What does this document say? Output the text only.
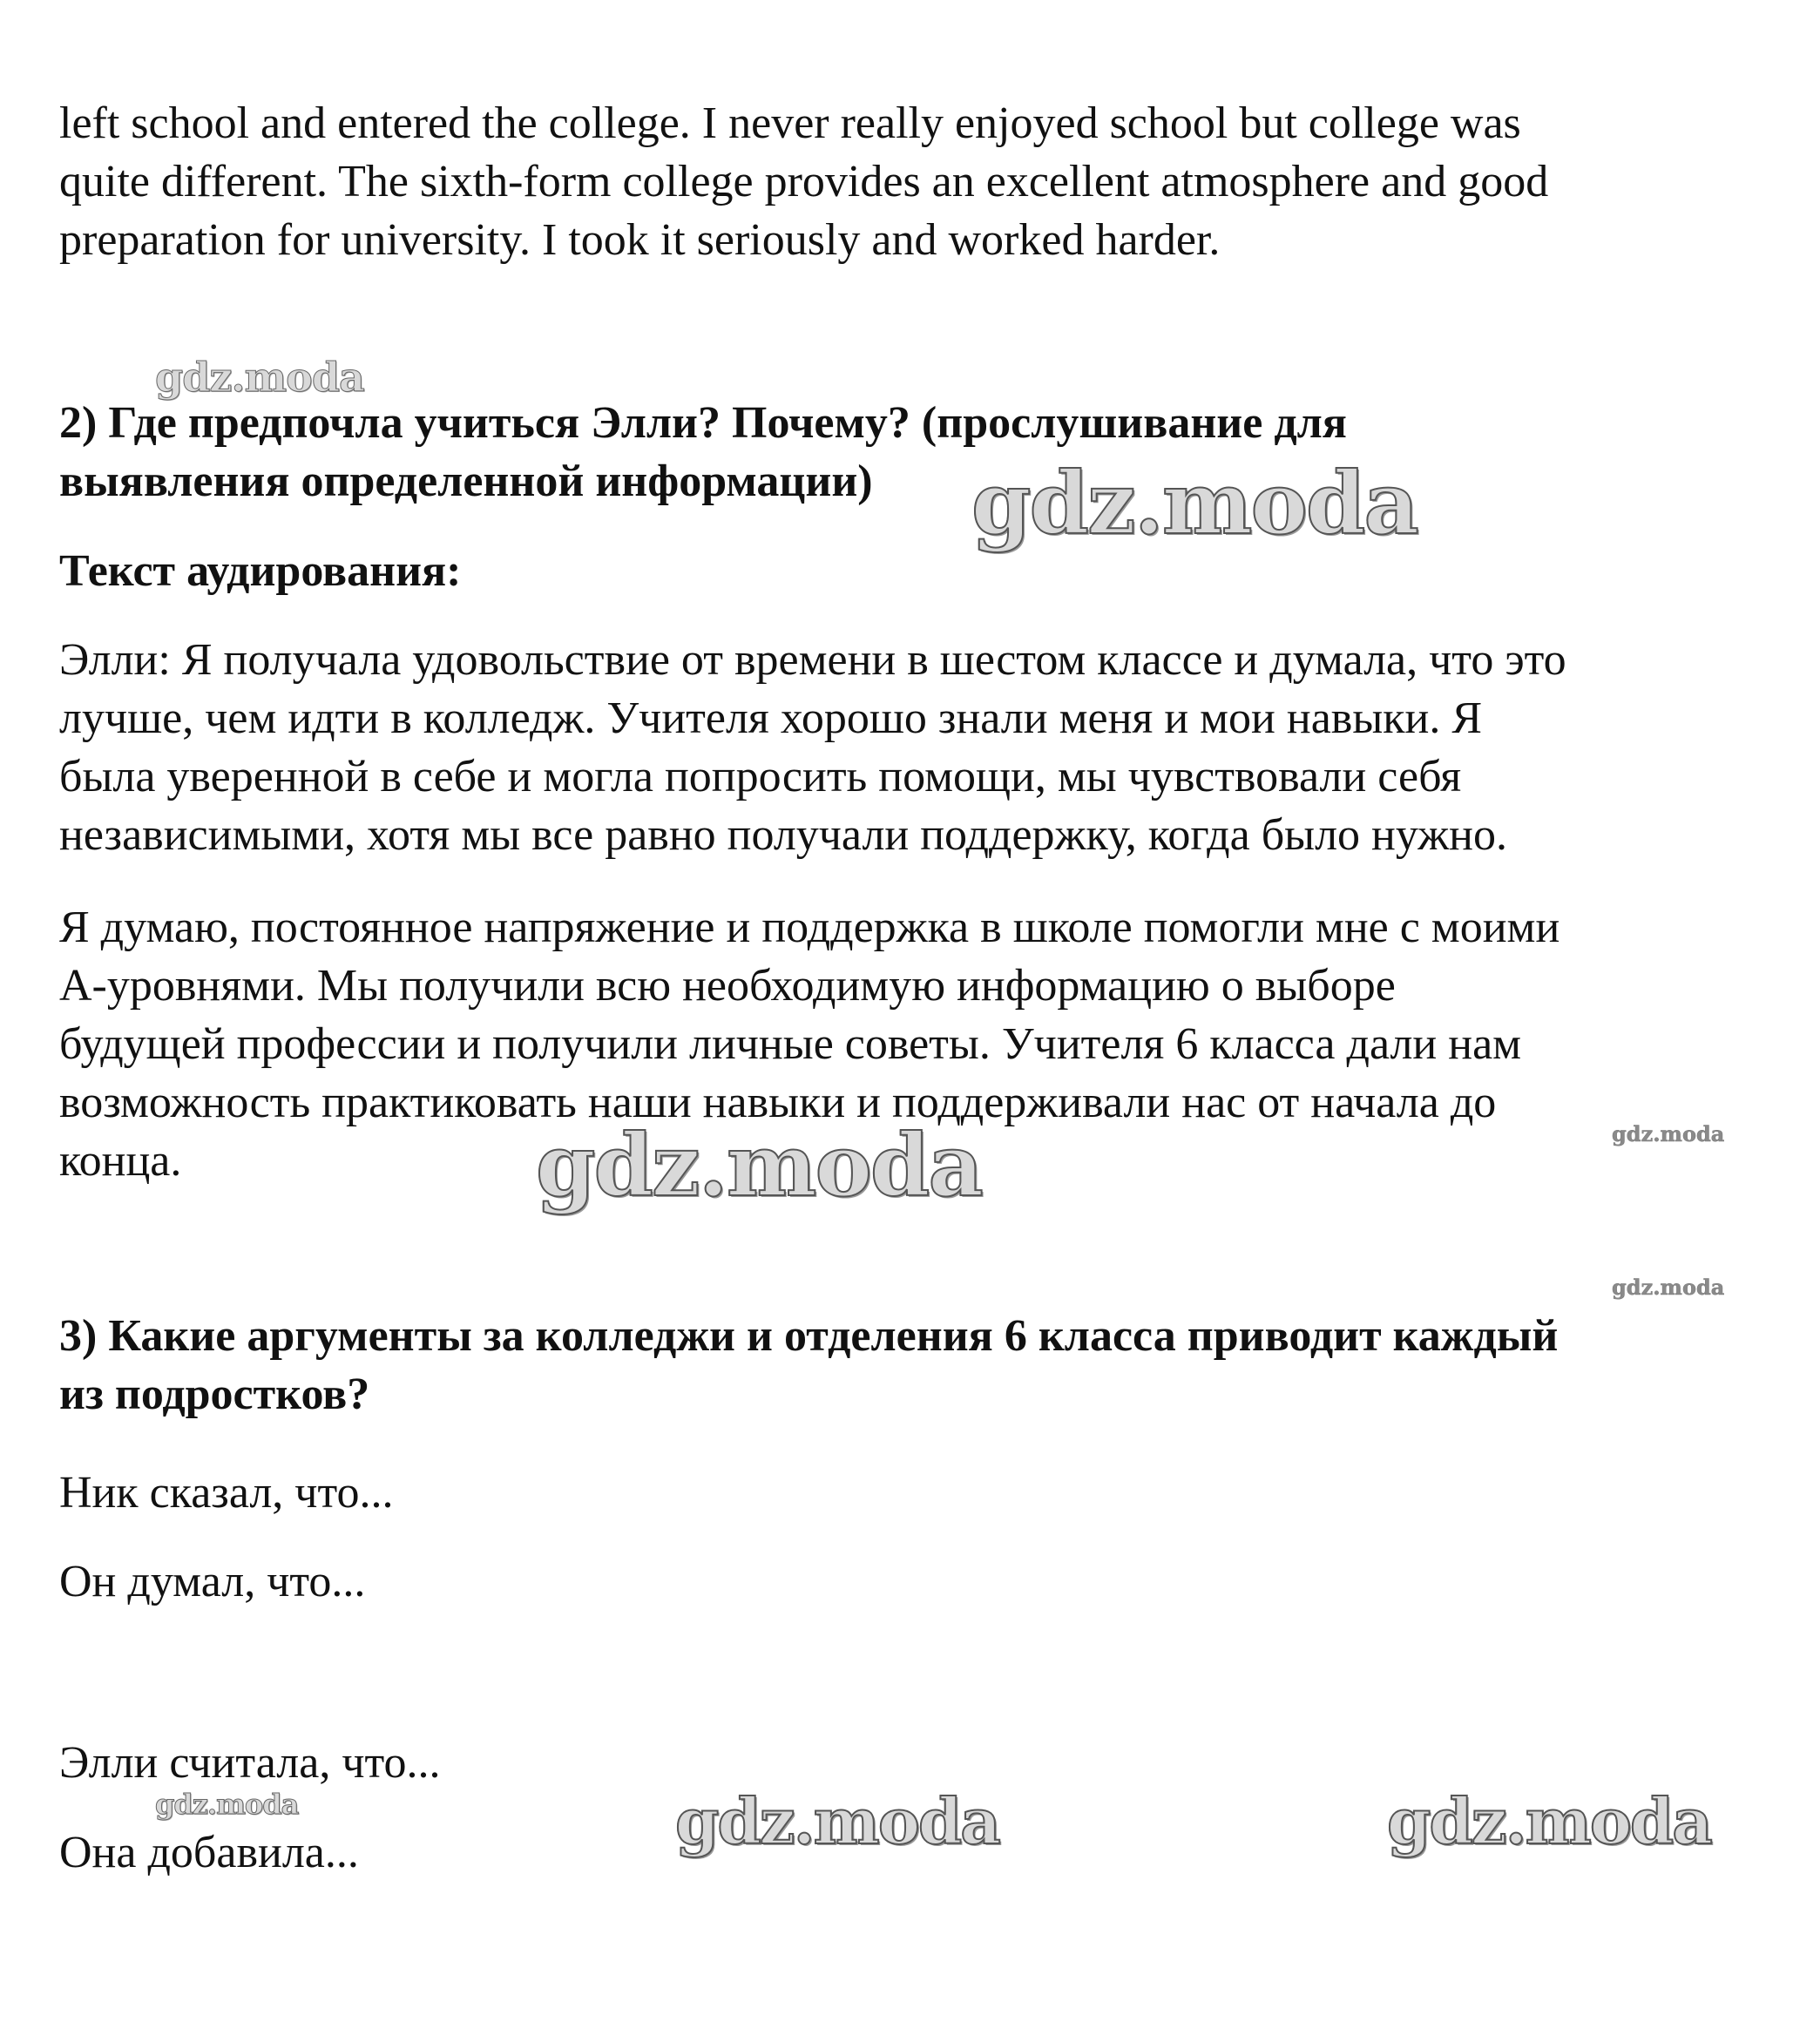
left school and entered the college. I never really enjoyed school but college was
quite different. The sixth-form college provides an excellent atmosphere and good
preparation for university. I took it seriously and worked harder.
2) Где предпочла учиться Элли? Почему? (прослушивание для
выявления определенной информации)
Текст аудирования:
Элли: Я получала удовольствие от времени в шестом классе и думала, что это
лучше, чем идти в колледж. Учителя хорошо знали меня и мои навыки. Я
была уверенной в себе и могла попросить помощи, мы чувствовали себя
независимыми, хотя мы все равно получали поддержку, когда было нужно.
Я думаю, постоянное напряжение и поддержка в школе помогли мне с моими
А-уровнями. Мы получили всю необходимую информацию о выборе
будущей профессии и получили личные советы. Учителя 6 класса дали нам
возможность практиковать наши навыки и поддерживали нас от начала до
конца.
3) Какие аргументы за колледжи и отделения 6 класса приводит каждый
из подростков?
Ник сказал, что...
Он думал, что...
Элли считала, что...
Она добавила...
gdz.moda
gdz.moda
gdz.moda
gdz.moda
gdz.moda
gdz.moda	gdz.moda	gdz.moda
